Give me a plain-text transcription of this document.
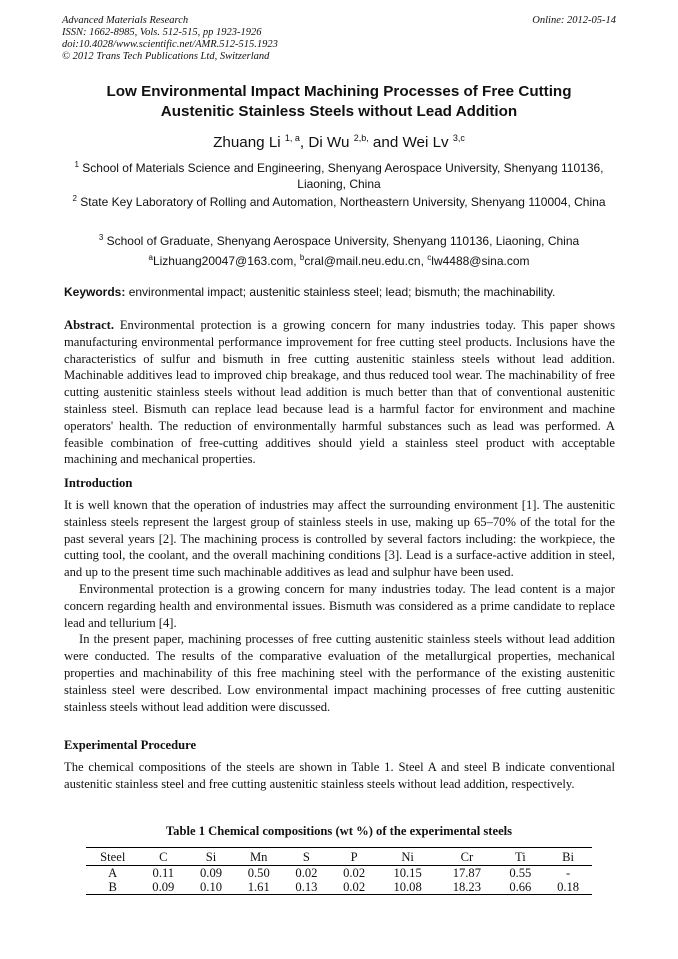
Advanced Materials Research
ISSN: 1662-8985, Vols. 512-515, pp 1923-1926
doi:10.4028/www.scientific.net/AMR.512-515.1923
© 2012 Trans Tech Publications Ltd, Switzerland
Online: 2012-05-14
Low Environmental Impact Machining Processes of Free Cutting
Austenitic Stainless Steels without Lead Addition
Zhuang Li $^{1, a}$, Di Wu $^{2,b,}$ and Wei Lv $^{3,c}$
$^1$ School of Materials Science and Engineering, Shenyang Aerospace University, Shenyang 110136, Liaoning, China
$^2$ State Key Laboratory of Rolling and Automation, Northeastern University, Shenyang 110004, China
$^3$ School of Graduate, Shenyang Aerospace University, Shenyang 110136, Liaoning, China
$^a$Lizhuang20047@163.com, $^b$cral@mail.neu.edu.cn, $^c$lw4488@sina.com
Keywords: environmental impact; austenitic stainless steel; lead; bismuth; the machinability.

Abstract. Environmental protection is a growing concern for many industries today. This paper shows manufacturing environmental performance improvement for free cutting steel products. Inclusions have the characteristics of sulfur and bismuth in free cutting austenitic stainless steels without lead addition. Machinable additives lead to improved chip breakage, and thus reduced tool wear. The machinability of free cutting austenitic stainless steels without lead addition is much better than that of conventional austenitic stainless steel. Bismuth can replace lead because lead is a harmful factor for environment and machine operators' health. The reduction of environmentally harmful substances such as lead was performed. A feasible combination of free-cutting additives should yield a stainless steel product with acceptable machining and mechanical properties.

Introduction

It is well known that the operation of industries may affect the surrounding environment [1]. The austenitic stainless steels represent the largest group of stainless steels in use, making up 65–70% of the total for the past several years [2]. The machining process is controlled by several factors including: the workpiece, the cutting tool, the coolant, and the overall machining conditions [3]. Lead is a surface-active addition in steel, and up to the present time such machinable additives as lead and sulphur have been used.

Environmental protection is a growing concern for many industries today. The lead content is a major concern regarding health and environmental issues. Bismuth was considered as a prime candidate to replace lead and tellurium [4].

In the present paper, machining processes of free cutting austenitic stainless steels without lead addition were conducted. The results of the comparative evaluation of the metallurgical properties, mechanical properties and machinability of this free machining steel with the performance of the existing austenitic stainless steel were described. Low environmental impact machining processes of free cutting austenitic stainless steels without lead addition were discussed.

Experimental Procedure

The chemical compositions of the steels are shown in Table 1. Steel A and steel B indicate conventional austenitic stainless steel and free cutting austenitic stainless steels without lead addition, respectively.

Table 1 Chemical compositions (wt %) of the experimental steels
Steel	C	Si	Mn	S	P	Ni	Cr	Ti	Bi
A	0.11	0.09	0.50	0.02	0.02	10.15	17.87	0.55	-
B	0.09	0.10	1.61	0.13	0.02	10.08	18.23	0.66	0.18
